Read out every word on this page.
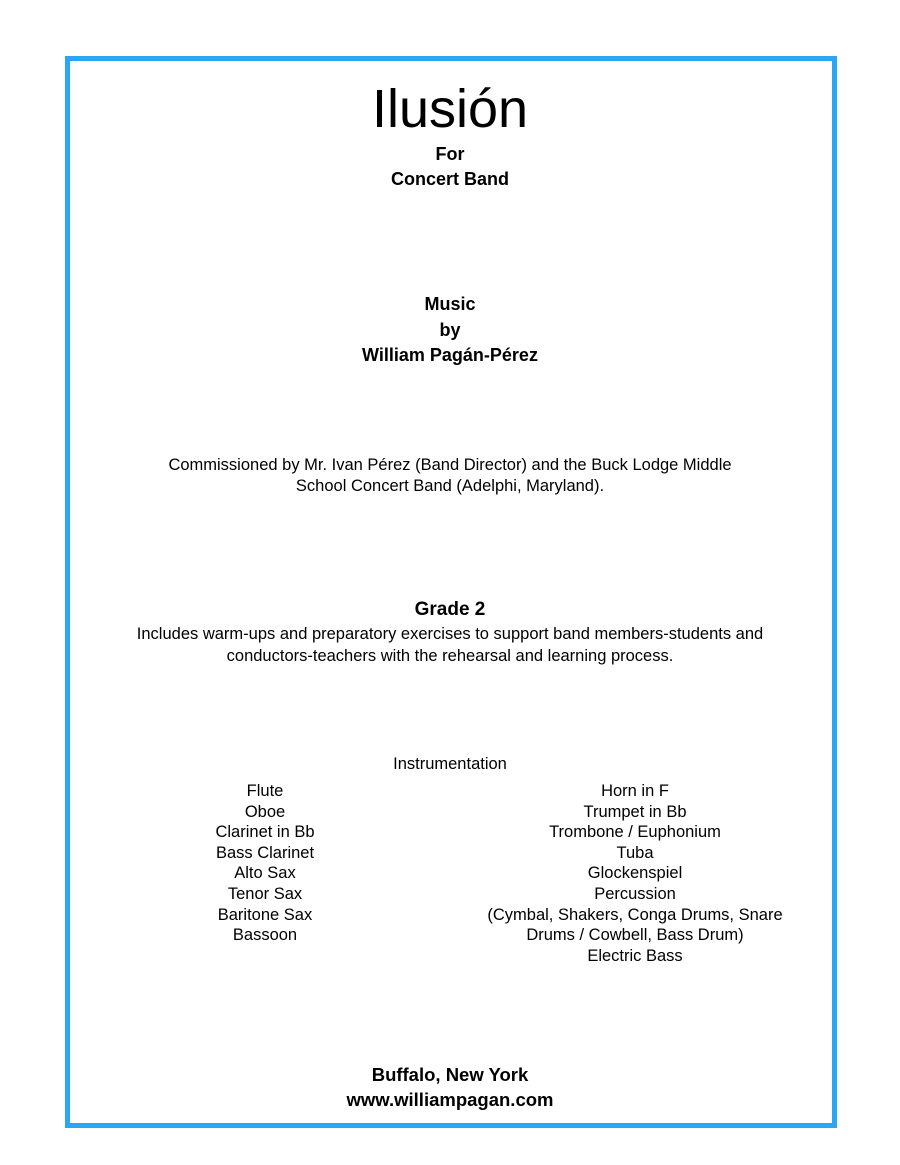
Ilusión
For
Concert Band
Music
by
William Pagán-Pérez
Commissioned by Mr. Ivan Pérez (Band Director) and the Buck Lodge Middle
School Concert Band (Adelphi, Maryland).
Grade 2
Includes warm-ups and preparatory exercises to support band members-students and
conductors-teachers with the rehearsal and learning process.
Instrumentation
Flute
Oboe
Clarinet in Bb
Bass Clarinet
Alto Sax
Tenor Sax
Baritone Sax
Bassoon
Horn in F
Trumpet in Bb
Trombone / Euphonium
Tuba
Glockenspiel
Percussion
(Cymbal, Shakers, Conga Drums, Snare
Drums / Cowbell, Bass Drum)
Electric Bass
Buffalo, New York
www.williampagan.com
